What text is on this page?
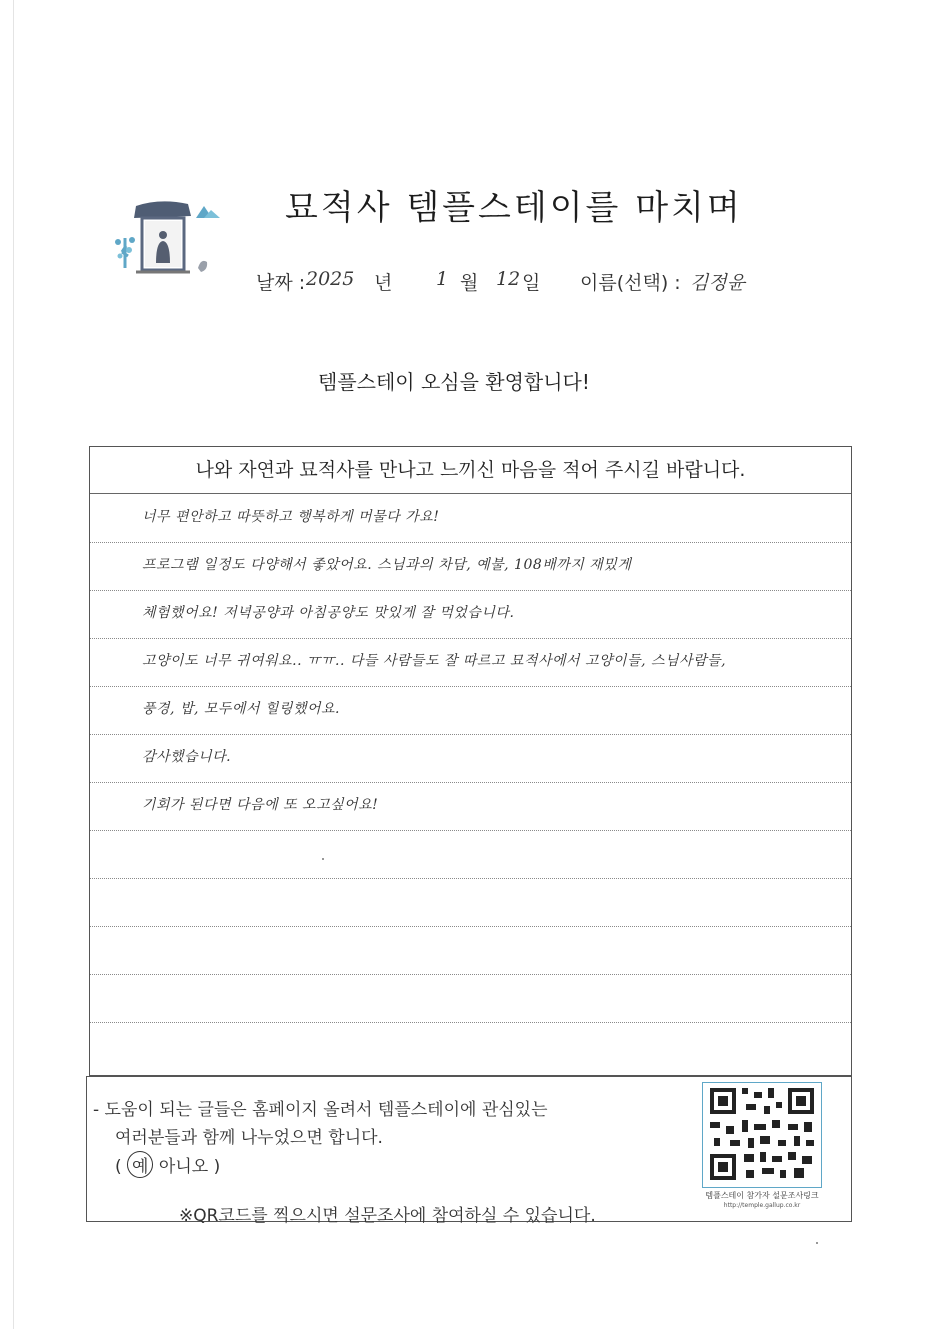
묘적사 템플스테이를 마치며
날짜 : 2025 년 1 월 12 일 이름(선택) : 김정윤
템플스테이 오심을 환영합니다!
나와 자연과 묘적사를 만나고 느끼신 마음을 적어 주시길 바랍니다.
너무 편안하고 따뜻하고 행복하게 머물다 가요!
프로그램 일정도 다양해서 좋았어요. 스님과의 차담, 예불, 108배까지 재밌게
체험했어요! 저녁공양과 아침공양도 맛있게 잘 먹었습니다.
고양이도 너무 귀여워요.. ㅠㅠ.. 다들 사람들도 잘 따르고 묘적사에서 고양이들, 스님사람들,
풍경, 밥, 모두에서 힐링했어요.
감사했습니다.
기회가 된다면 다음에 또 오고싶어요!
- 도움이 되는 글들은 홈페이지 올려서 템플스테이에 관심있는
여러분들과 함께 나누었으면 합니다.
( 예 아니오 )
※QR코드를 찍으시면 설문조사에 참여하실 수 있습니다.
템플스테이 참가자 설문조사링크
http://temple.gallup.co.kr
